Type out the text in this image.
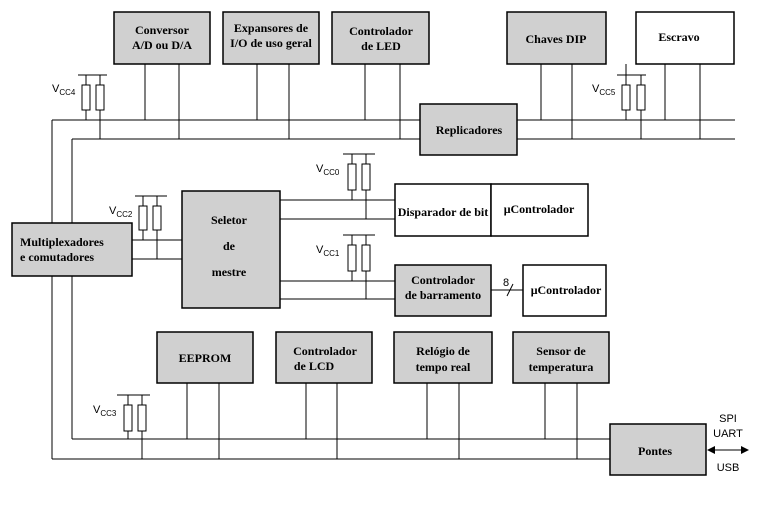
$V_{CC4}$	$V_{CC5}$
$V_{CC0}$
$V_{CC2}$
$V_{CC1}$
$V_{CC3}$
Conversor
A/D ou D/A
Expansores de
I/O de uso geral
Controlador
de LED	Chaves DIP	Escravo
Replicadores
Multiplexadores
e comutadores
Seletor
de
mestre
Disparador de bit μControlador
Controlador
de barramento
8 μControlador
EEPROM	Controlador
de LCD
Relógio de
tempo real
Sensor de
temperatura
Pontes
SPI
UART
USB
